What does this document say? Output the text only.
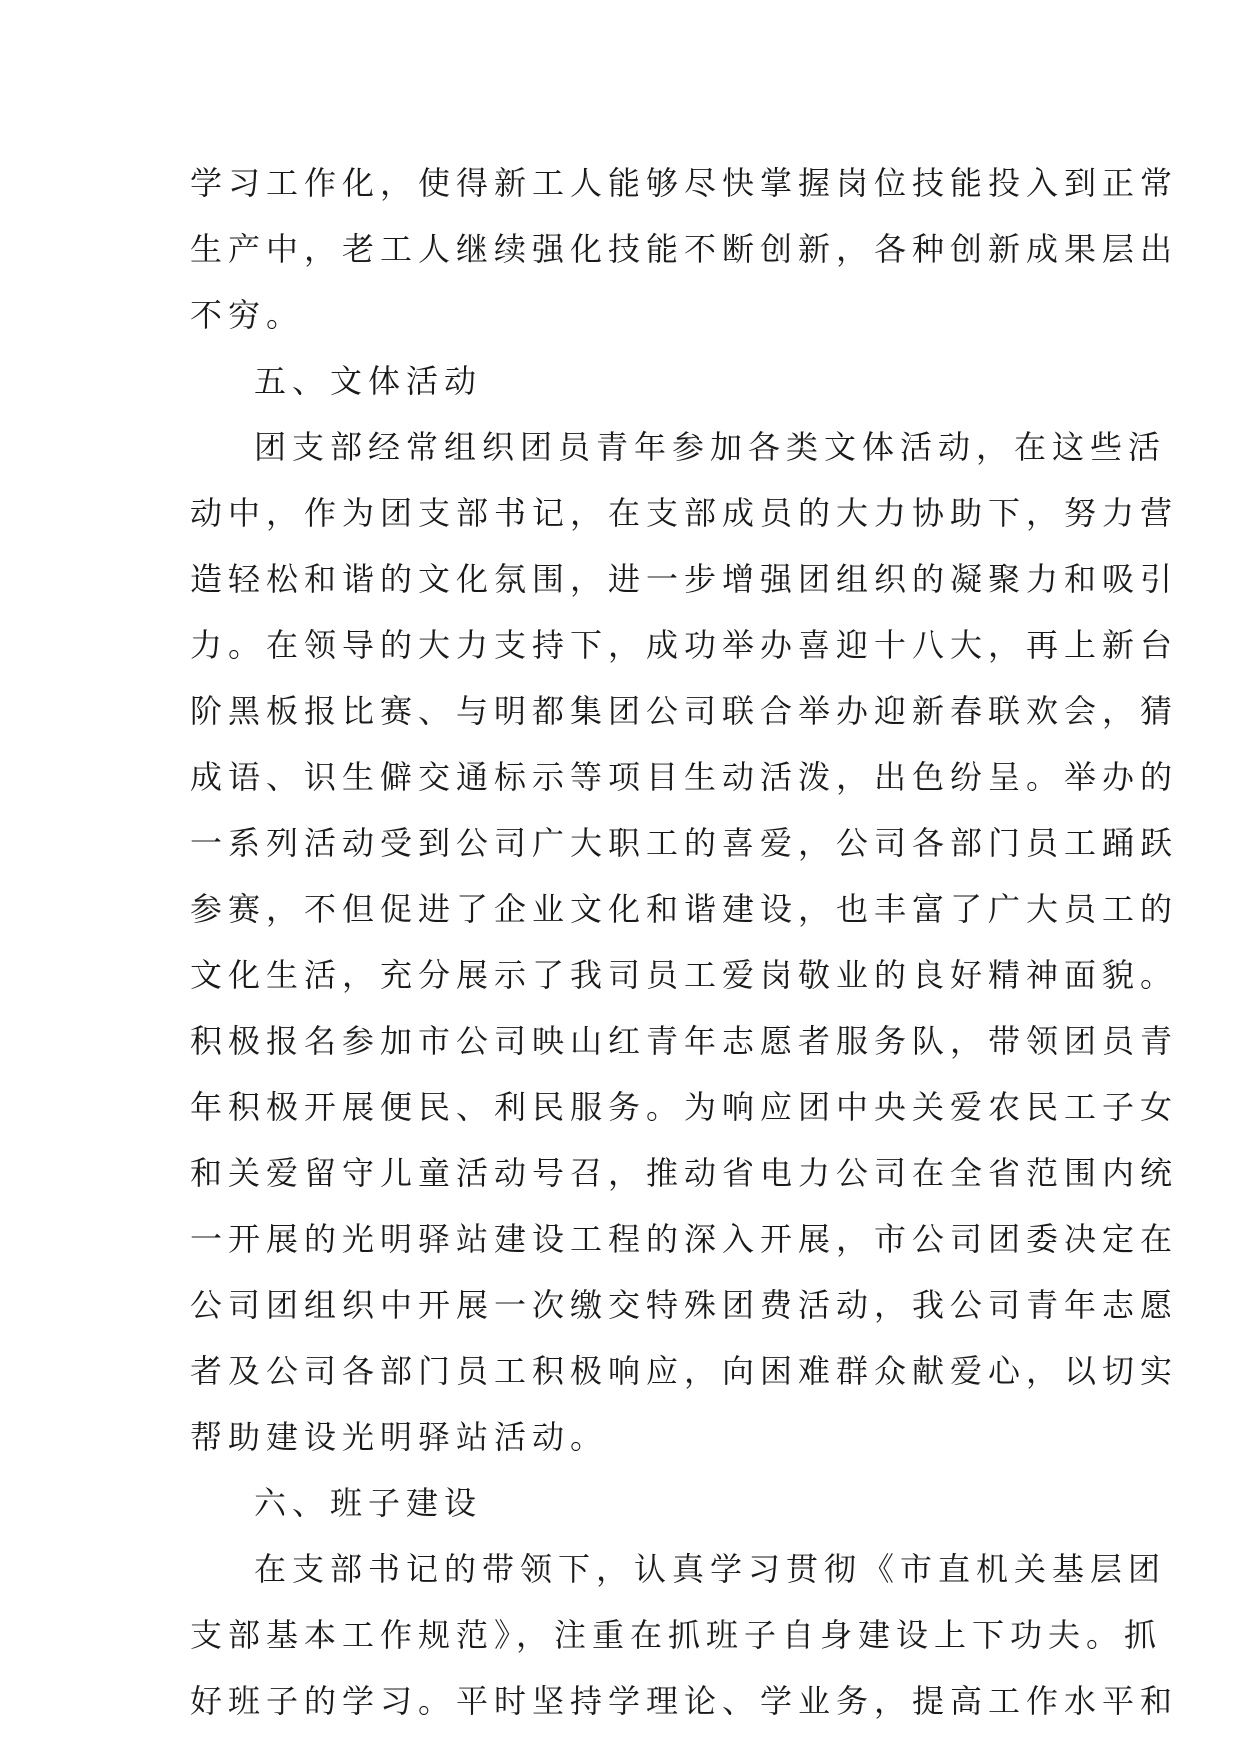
学习工作化，使得新工人能够尽快掌握岗位技能投入到正常
生产中，老工人继续强化技能不断创新，各种创新成果层出
不穷。
五、文体活动
团支部经常组织团员青年参加各类文体活动，在这些活
动中，作为团支部书记，在支部成员的大力协助下，努力营
造轻松和谐的文化氛围，进一步增强团组织的凝聚力和吸引
力。在领导的大力支持下，成功举办喜迎十八大，再上新台
阶黑板报比赛、与明都集团公司联合举办迎新春联欢会，猜
成语、识生僻交通标示等项目生动活泼，出色纷呈。举办的
一系列活动受到公司广大职工的喜爱，公司各部门员工踊跃
参赛，不但促进了企业文化和谐建设，也丰富了广大员工的
文化生活，充分展示了我司员工爱岗敬业的良好精神面貌。
积极报名参加市公司映山红青年志愿者服务队，带领团员青
年积极开展便民、利民服务。为响应团中央关爱农民工子女
和关爱留守儿童活动号召，推动省电力公司在全省范围内统
一开展的光明驿站建设工程的深入开展，市公司团委决定在
公司团组织中开展一次缴交特殊团费活动，我公司青年志愿
者及公司各部门员工积极响应，向困难群众献爱心，以切实
帮助建设光明驿站活动。
六、班子建设
在支部书记的带领下，认真学习贯彻《市直机关基层团
支部基本工作规范》，注重在抓班子自身建设上下功夫。抓
好班子的学习。平时坚持学理论、学业务，提高工作水平和
